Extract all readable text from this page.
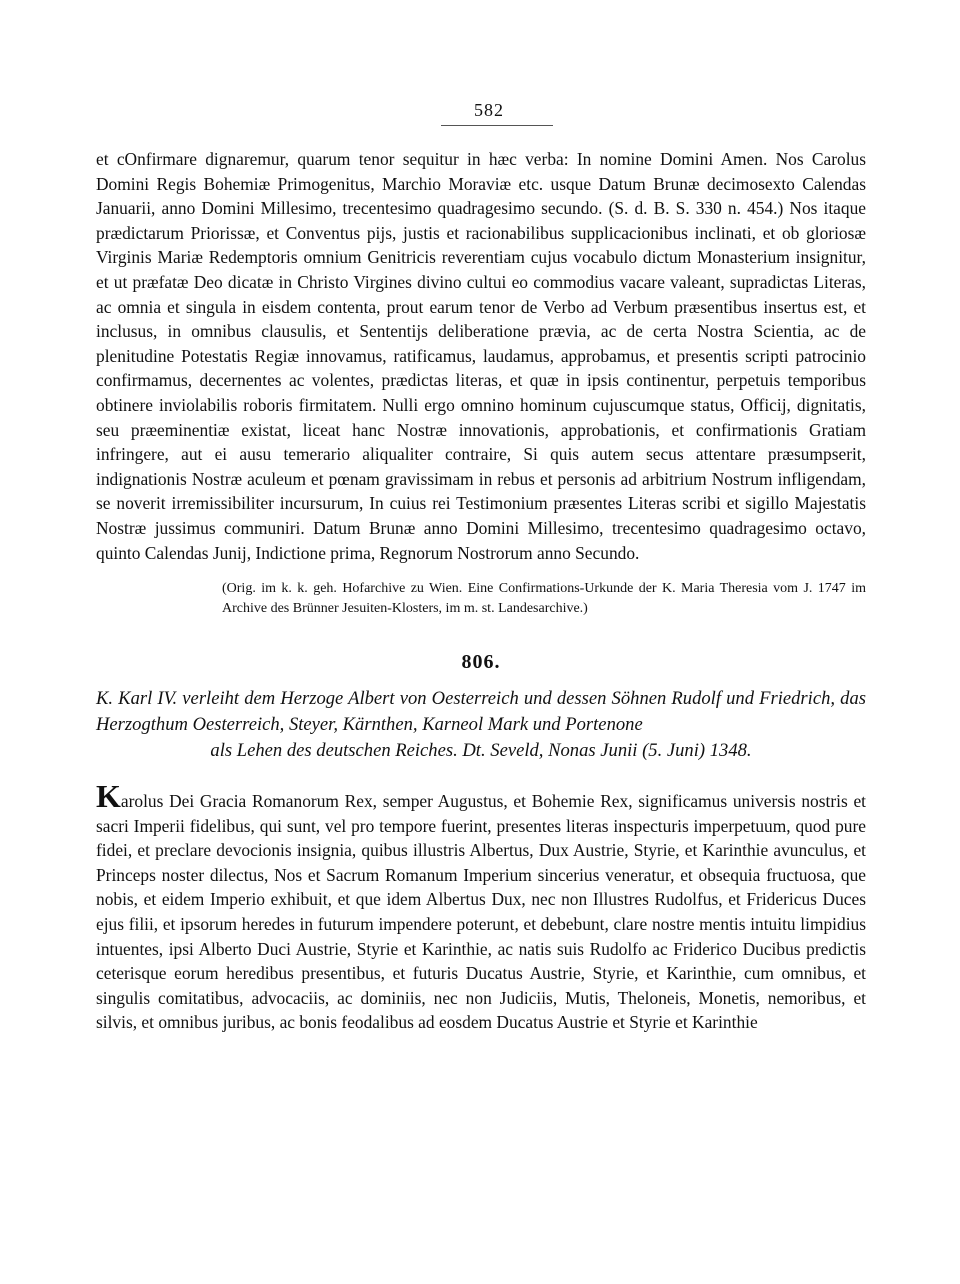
582

et cOnfirmare dignaremur, quarum tenor sequitur in hæc verba: In nomine Domini Amen. Nos Carolus Domini Regis Bohemiæ Primogenitus, Marchio Moraviæ etc. usque Datum Brunæ decimosexto Calendas Januarii, anno Domini Millesimo, trecentesimo quadragesimo secundo. (S. d. B. S. 330 n. 454.) Nos itaque prædictarum Priorissæ, et Conventus pijs, justis et racionabilibus supplicacionibus inclinati, et ob gloriosæ Virginis Mariæ Redemptoris omnium Genitricis reverentiam cujus vocabulo dictum Monasterium insignitur, et ut præfatæ Deo dicatæ in Christo Virgines divino cultui eo commodius vacare valeant, supradictas Literas, ac omnia et singula in eisdem contenta, prout earum tenor de Verbo ad Verbum præsentibus insertus est, et inclusus, in omnibus clausulis, et Sententijs deliberatione prævia, ac de certa Nostra Scientia, ac de plenitudine Potestatis Regiæ innovamus, ratificamus, laudamus, approbamus, et presentis scripti patrocinio confirmamus, decernentes ac volentes, prædictas literas, et quæ in ipsis continentur, perpetuis temporibus obtinere inviolabilis roboris firmitatem. Nulli ergo omnino hominum cujuscumque status, Officij, dignitatis, seu præeminentiæ existat, liceat hanc Nostræ innovationis, approbationis, et confirmationis Gratiam infringere, aut ei ausu temerario aliqualiter contraire, Si quis autem secus attentare præsumpserit, indignationis Nostræ aculeum et pœnam gravissimam in rebus et personis ad arbitrium Nostrum infligendam, se noverit irremissibiliter incursurum, In cuius rei Testimonium præsentes Literas scribi et sigillo Majestatis Nostræ jussimus communiri. Datum Brunæ anno Domini Millesimo, trecentesimo quadragesimo octavo, quinto Calendas Junij, Indictione prima, Regnorum Nostrorum anno Secundo.

(Orig. im k. k. geh. Hofarchive zu Wien. Eine Confirmations-Urkunde der K. Maria Theresia vom J. 1747 im Archive des Brünner Jesuiten-Klosters, im m. st. Landesarchive.)

806.
K. Karl IV. verleiht dem Herzoge Albert von Oesterreich und dessen Söhnen Rudolf und Friedrich, das Herzogthum Oesterreich, Steyer, Kärnthen, Karneol Mark und Portenone
als Lehen des deutschen Reiches. Dt. Seveld, Nonas Junii (5. Juni) 1348.

Karolus Dei Gracia Romanorum Rex, semper Augustus, et Bohemie Rex, significamus universis nostris et sacri Imperii fidelibus, qui sunt, vel pro tempore fuerint, presentes literas inspecturis imperpetuum, quod pure fidei, et preclare devocionis insignia, quibus illustris Albertus, Dux Austrie, Styrie, et Karinthie avunculus, et Princeps noster dilectus, Nos et Sacrum Romanum Imperium sincerius veneratur, et obsequia fructuosa, que nobis, et eidem Imperio exhibuit, et que idem Albertus Dux, nec non Illustres Rudolfus, et Fridericus Duces ejus filii, et ipsorum heredes in futurum impendere poterunt, et debebunt, clare nostre mentis intuitu limpidius intuentes, ipsi Alberto Duci Austrie, Styrie et Karinthie, ac natis suis Rudolfo ac Friderico Ducibus predictis ceterisque eorum heredibus presentibus, et futuris Ducatus Austrie, Styrie, et Karinthie, cum omnibus, et singulis comitatibus, advocaciis, ac dominiis, nec non Judiciis, Mutis, Theloneis, Monetis, nemoribus, et silvis, et omnibus juribus, ac bonis feodalibus ad eosdem Ducatus Austrie et Styrie et Karinthie
